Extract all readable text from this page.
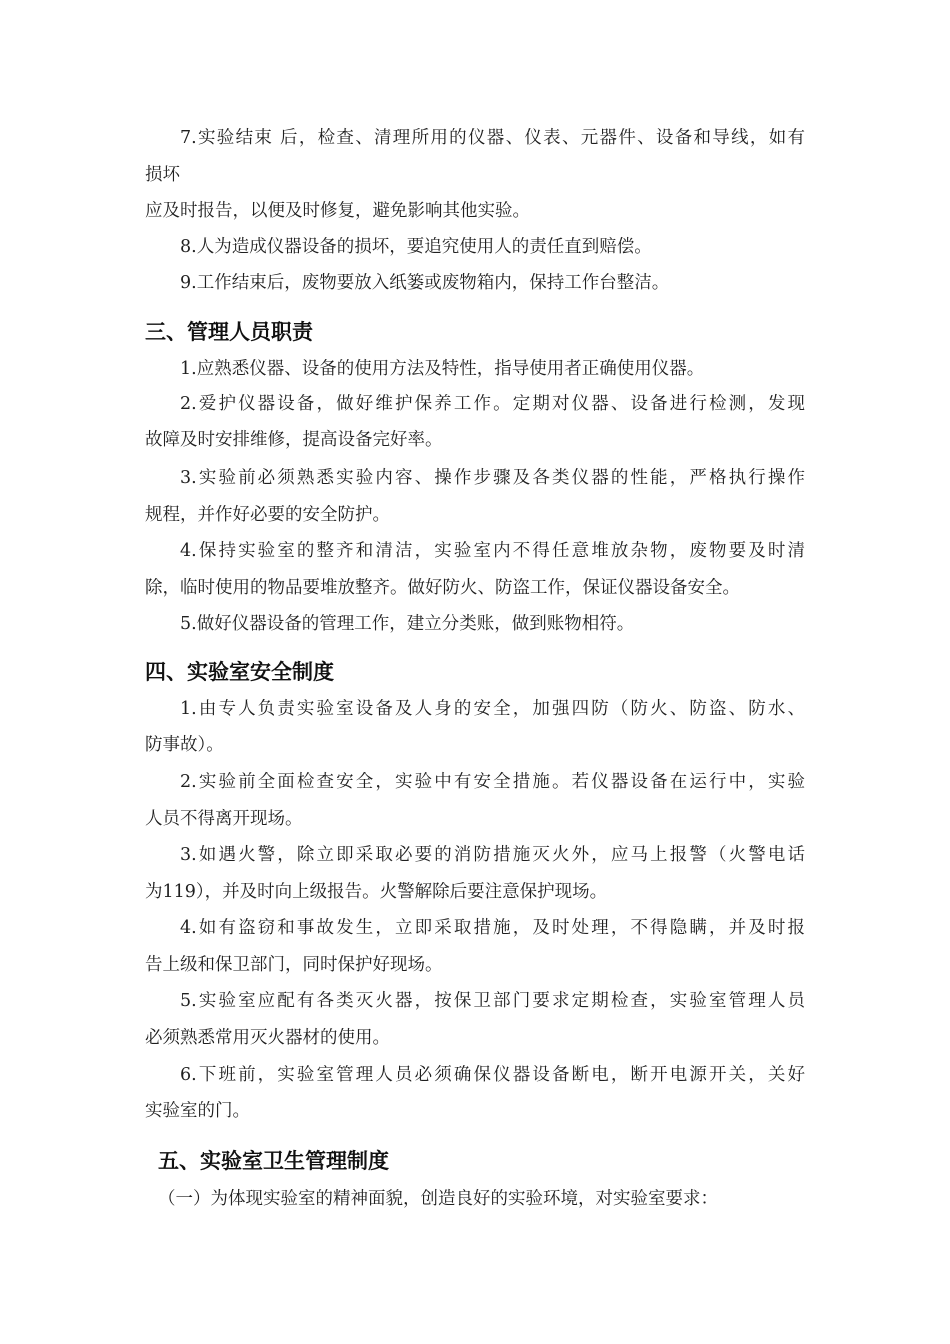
7.实验结束 后，检查、清理所用的仪器、仪表、元器件、设备和导线，如有
损坏
应及时报告，以便及时修复，避免影响其他实验。
8.人为造成仪器设备的损坏，要追究使用人的责任直到赔偿。
9.工作结束后，废物要放入纸篓或废物箱内，保持工作台整洁。
三、管理人员职责
1.应熟悉仪器、设备的使用方法及特性，指导使用者正确使用仪器。
2.爱护仪器设备，做好维护保养工作。定期对仪器、设备进行检测，发现
故障及时安排维修，提高设备完好率。
3.实验前必须熟悉实验内容、操作步骤及各类仪器的性能，严格执行操作
规程，并作好必要的安全防护。
4.保持实验室的整齐和清洁，实验室内不得任意堆放杂物，废物要及时清
除，临时使用的物品要堆放整齐。做好防火、防盗工作，保证仪器设备安全。
5.做好仪器设备的管理工作，建立分类账，做到账物相符。
四、实验室安全制度
1.由专人负责实验室设备及人身的安全，加强四防（防火、防盗、防水、
防事故）。
2.实验前全面检查安全，实验中有安全措施。若仪器设备在运行中，实验
人员不得离开现场。
3.如遇火警，除立即采取必要的消防措施灭火外，应马上报警（火警电话
为119），并及时向上级报告。火警解除后要注意保护现场。
4.如有盗窃和事故发生，立即采取措施，及时处理，不得隐瞒，并及时报
告上级和保卫部门，同时保护好现场。
5.实验室应配有各类灭火器，按保卫部门要求定期检查，实验室管理人员
必须熟悉常用灭火器材的使用。
6.下班前，实验室管理人员必须确保仪器设备断电，断开电源开关，关好
实验室的门。
五、实验室卫生管理制度
（一）为体现实验室的精神面貌，创造良好的实验环境，对实验室要求：
